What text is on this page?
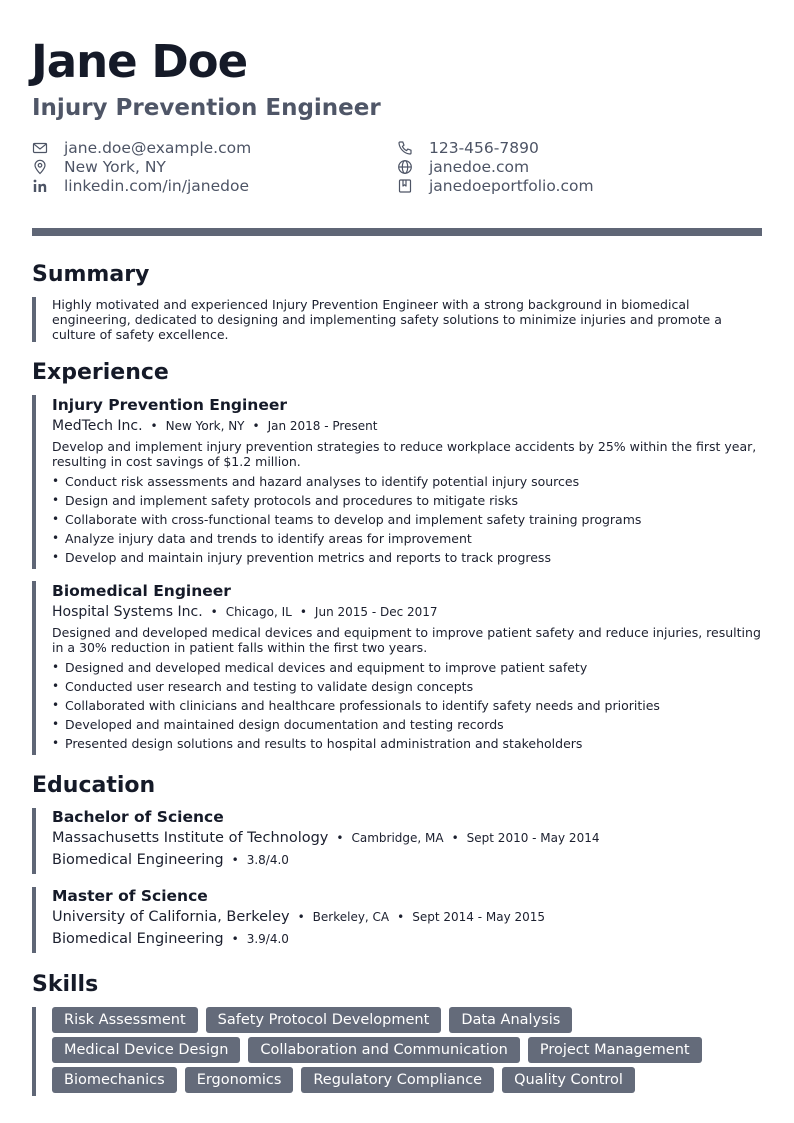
Jane Doe
Injury Prevention Engineer
jane.doe@example.com
New York, NY
linkedin.com/in/janedoe
123-456-7890
janedoe.com
janedoeportfolio.com
Summary

Highly motivated and experienced Injury Prevention Engineer with a strong background in biomedical engineering, dedicated to designing and implementing safety solutions to minimize injuries and promote a culture of safety excellence.

Experience
Injury Prevention Engineer
MedTech Inc. • New York, NY • Jan 2018 - Present

Develop and implement injury prevention strategies to reduce workplace accidents by 25% within the first year, resulting in cost savings of $1.2 million.

• Conduct risk assessments and hazard analyses to identify potential injury sources
• Design and implement safety protocols and procedures to mitigate risks
• Collaborate with cross-functional teams to develop and implement safety training programs
• Analyze injury data and trends to identify areas for improvement
• Develop and maintain injury prevention metrics and reports to track progress
Biomedical Engineer
Hospital Systems Inc. • Chicago, IL • Jun 2015 - Dec 2017

Designed and developed medical devices and equipment to improve patient safety and reduce injuries, resulting in a 30% reduction in patient falls within the first two years.

• Designed and developed medical devices and equipment to improve patient safety
• Conducted user research and testing to validate design concepts
• Collaborated with clinicians and healthcare professionals to identify safety needs and priorities
• Developed and maintained design documentation and testing records
• Presented design solutions and results to hospital administration and stakeholders
Education
Bachelor of Science
Massachusetts Institute of Technology • Cambridge, MA • Sept 2010 - May 2014
Biomedical Engineering • 3.8/4.0
Master of Science
University of California, Berkeley • Berkeley, CA • Sept 2014 - May 2015
Biomedical Engineering • 3.9/4.0
Skills
Risk Assessment	Safety Protocol Development	Data Analysis
Medical Device Design	Collaboration and Communication	Project Management
Biomechanics	Ergonomics	Regulatory Compliance	Quality Control
